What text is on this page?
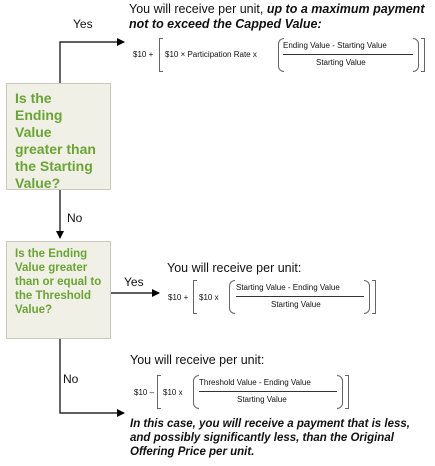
Is the Ending Value greater than the Starting Value?
Is the Ending Value greater than or equal to the Threshold Value?
Yes
No
Yes
No
You will receive per unit, up to a maximum payment not to exceed the Capped Value:
$10 + $10 × Participation Rate x
Ending Value - Starting Value
Starting Value
You will receive per unit:
$10 + $10 x
Starting Value - Ending Value
Starting Value
You will receive per unit:
$10 – $10 x
Threshold Value - Ending Value
Starting Value
In this case, you will receive a payment that is less, and possibly significantly less, than the Original Offering Price per unit.
